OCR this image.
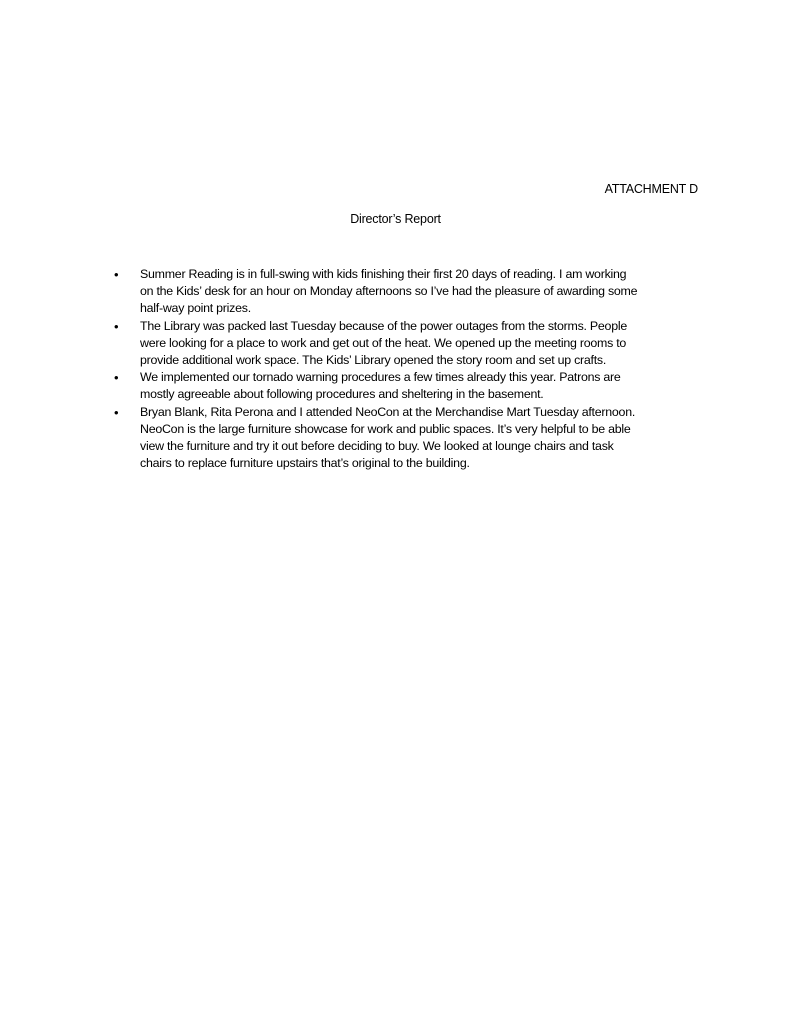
ATTACHMENT D
Director’s Report
•	Summer Reading is in full-swing with kids finishing their first 20 days of reading. I am working
on the Kids’ desk for an hour on Monday afternoons so I’ve had the pleasure of awarding some
half-way point prizes.
•	The Library was packed last Tuesday because of the power outages from the storms. People
were looking for a place to work and get out of the heat. We opened up the meeting rooms to
provide additional work space. The Kids’ Library opened the story room and set up crafts.
•	We implemented our tornado warning procedures a few times already this year. Patrons are
mostly agreeable about following procedures and sheltering in the basement.
•	Bryan Blank, Rita Perona and I attended NeoCon at the Merchandise Mart Tuesday afternoon.
NeoCon is the large furniture showcase for work and public spaces. It’s very helpful to be able
view the furniture and try it out before deciding to buy. We looked at lounge chairs and task
chairs to replace furniture upstairs that’s original to the building.
